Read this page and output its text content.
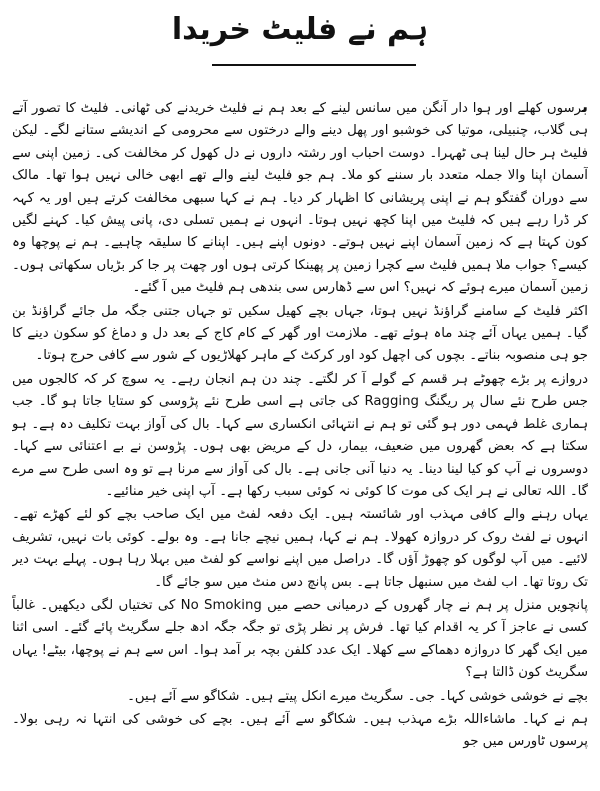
ہم نے فلیٹ خریدا

برسوں کھلے اور ہوا دار آنگن میں سانس لینے کے بعد ہم نے فلیٹ خریدنے کی ٹھانی۔ فلیٹ کا تصور آتے ہی گلاب، چنبیلی، موتیا کی خوشبو اور پھل دینے والے درختوں سے محرومی کے اندیشے ستانے لگے۔ لیکن فلیٹ ہر حال لینا ہی ٹھہرا۔ دوست احباب اور رشتہ داروں نے دل کھول کر مخالفت کی۔ زمین اپنی سے آسمان اپنا والا جملہ متعدد بار سننے کو ملا۔ ہم جو فلیٹ لینے والے تھے ابھی خالی نہیں ہوا تھا۔ مالک سے دوران گفتگو ہم نے اپنی پریشانی کا اظہار کر دیا۔ ہم نے کہا سبھی مخالفت کرتے ہیں اور یہ کہہ کر ڈرا رہے ہیں کہ فلیٹ میں اپنا کچھ نہیں ہوتا۔ انہوں نے ہمیں تسلی دی، پانی پیش کیا۔ کہنے لگیں کون کہتا ہے کہ زمین آسمان اپنے نہیں ہوتے۔ دونوں اپنے ہیں۔ اپنانے کا سلیقہ چاہیے۔ ہم نے پوچھا وہ کیسے؟ جواب ملا ہمیں فلیٹ سے کچرا زمین پر پھینکا کرتی ہوں اور چھت پر جا کر بڑیاں سکھاتی ہوں۔ زمین آسمان میرے ہوئے کہ نہیں؟ اس سے ڈھارس سی بندھی ہم فلیٹ میں آ گئے۔

اکثر فلیٹ کے سامنے گراؤنڈ نہیں ہوتا، جہاں بچے کھیل سکیں تو جہاں جتنی جگہ مل جائے گراؤنڈ بن گیا۔ ہمیں یہاں آئے چند ماہ ہوئے تھے۔ ملازمت اور گھر کے کام کاج کے بعد دل و دماغ کو سکون دینے کا جو ہی منصوبہ بناتے۔ بچوں کی اچھل کود اور کرکٹ کے ماہر کھلاڑیوں کے شور سے کافی حرج ہوتا۔

دروازے پر بڑے چھوٹے ہر قسم کے گولے آ کر لگتے۔ چند دن ہم انجان رہے۔ یہ سوچ کر کہ کالجوں میں جس طرح نئے سال پر ریگنگ Ragging کی جاتی ہے اسی طرح نئے پڑوسی کو ستایا جاتا ہو گا۔ جب ہماری غلط فہمی دور ہو گئی تو ہم نے انتہائی انکساری سے کہا۔ بال کی آواز بہت تکلیف دہ ہے۔ ہو سکتا ہے کہ بعض گھروں میں ضعیف، بیمار، دل کے مریض بھی ہوں۔ پڑوسن نے بے اعتنائی سے کہا۔ دوسروں نے آپ کو کیا لینا دینا۔ یہ دنیا آنی جانی ہے۔ بال کی آواز سے مرنا ہے تو وہ اسی طرح سے مرے گا۔ اللہ تعالی نے ہر ایک کی موت کا کوئی نہ کوئی سبب رکھا ہے۔ آپ اپنی خیر منائیے۔

یہاں رہنے والے کافی مہذب اور شائستہ ہیں۔ ایک دفعہ لفٹ میں ایک صاحب بچے کو لئے کھڑے تھے۔ انہوں نے لفٹ روک کر دروازہ کھولا۔ ہم نے کہا، ہمیں نیچے جانا ہے۔ وہ بولے۔ کوئی بات نہیں، تشریف لائیے۔ میں آپ لوگوں کو چھوڑ آؤں گا۔ دراصل میں اپنے نواسے کو لفٹ میں بہلا رہا ہوں۔ پہلے بہت دیر تک روتا تھا۔ اب لفٹ میں سنبھل جاتا ہے۔ بس پانچ دس منٹ میں سو جائے گا۔

پانچویں منزل پر ہم نے چار گھروں کے درمیانی حصے میں No Smoking کی تختیاں لگی دیکھیں۔ غالباً کسی نے عاجز آ کر یہ اقدام کیا تھا۔ فرش پر نظر پڑی تو جگہ جگہ ادھ جلے سگریٹ پائے گئے۔ اسی اثنا میں ایک گھر کا دروازہ دھماکے سے کھلا۔ ایک عدد کلفن بچہ بر آمد ہوا۔ اس سے ہم نے پوچھا، بیٹے! یہاں سگریٹ کون ڈالتا ہے؟

بچے نے خوشی خوشی کہا۔ جی۔ سگریٹ میرے انکل پیتے ہیں۔ شکاگو سے آئے ہیں۔

ہم نے کہا۔ ماشاءاللہ بڑے مہذب ہیں۔ شکاگو سے آئے ہیں۔ بچے کی خوشی کی انتہا نہ رہی بولا۔ پرسوں ٹاورس میں جو
